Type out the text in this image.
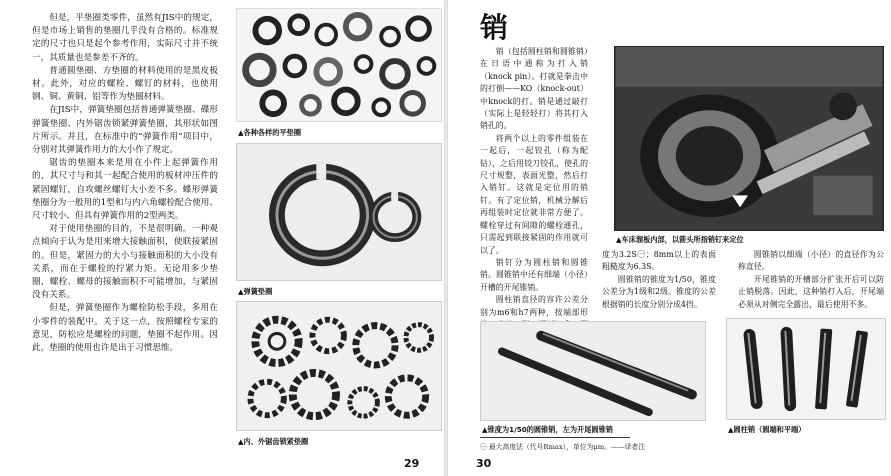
但是，平垫圈类零件，虽然有JIS中的规定，但是市场上销售的垫圈几乎没有合格的。标准规定的尺寸也只是起个参考作用，实际尺寸并不统一，其质量也是参差不齐的。

普通圆垫圈、方垫圈的材料使用的是黑皮板材。此外，对应的螺栓、螺钉的材料，也使用钢、铜、黄铜、铝等作为垫圈材料。

在JIS中，弹簧垫圈包括普通弹簧垫圈、碟形弹簧垫圈、内外锯齿锁紧弹簧垫圈，其形状如图片所示。并且，在标准中的“弹簧作用”项目中，分别对其弹簧作用力的大小作了规定。

锯齿的垫圈本来是用在小件上起弹簧作用的，其尺寸与和其一起配合使用的板材冲压件的紧固螺钉，自攻螺丝螺钉大小差不多。蝶形弹簧垫圈分为一般用的1型和与内六角螺栓配合使用、尺寸较小、但具有弹簧作用的2型两类。

对于使用垫圈的目的，不是很明确。一种观点倾向于认为是用来增大接触面积，使联接紧固的。但是，紧固力的大小与接触面积的大小没有关系，而在于螺栓的拧紧力矩。无论用多少垫圈，螺栓、螺母的接触面积不可能增加，与紧固没有关系。

但是，弹簧垫圈作为螺栓防松手段，多用在小零件的装配中。关于这一点，按照螺栓专家的意见，防松应是螺栓的问题，垫圈不起作用。因此，垫圈的使用也许是出于习惯思维。

▲各种各样的平垫圈
▲弹簧垫圈
▲内、外锯齿锁紧垫圈
29
销

销（包括圆柱销和圆锥销）在日语中通称为打入销（knock pin）。打就是拳击中的打倒——KO（knock-out）中knock的打。销是通过敲打（实际上是轻轻打）将其打入销孔的。

将两个以上的零件组装在一起后，一起铰孔（称为配钻），之后用铰刀铰孔，使孔的尺寸规整，表面光整，然后打入销钉。这就是定位用的销钉。有了定位销，机械分解后再组装时定位就非常方便了。螺栓穿过有间隙的螺栓通孔，只需起到联接紧固的作用就可以了。

销钉分为圆柱销和圆锥销。圆锥销中还有细端（小径）开槽的开尾锥销。

圆柱销直径的容许公差分别为m6和h7两种，按端部形

▲车床溜板内部，以箭头所指销钉来定位

度为3.2S㊀；8mm以上的表面粗糙度为6.3S。

圆锥销的锥度为1/50，锥度公差分为1级和2级。锥度的公差根据销的长度分别分成4挡。

圆锥销以细端（小径）的直径作为公称直径。

开尾锥销的开槽部分扩张开后可以防止销脱落。因此，这种销打入后，开尾端必须从对侧完全露出，最后使用不多。

▲锥度为1/50的圆锥销，左为开尾圆锥销	▲圆柱销（圆端和平端）
㊀ 最大高度法（代号Rmax），单位为μm。——译者注
30
